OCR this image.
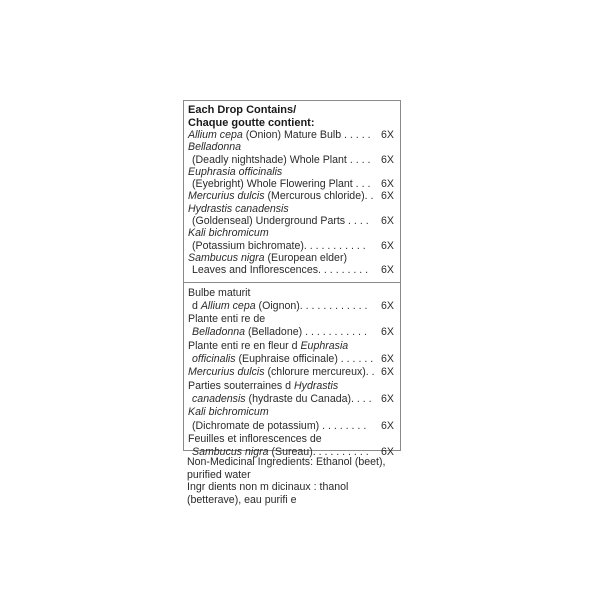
Each Drop Contains/
Chaque goutte contient:
Allium cepa (Onion) Mature Bulb . . . . . 6X
Belladonna
(Deadly nightshade) Whole Plant . . . . 6X
Euphrasia officinalis
(Eyebright) Whole Flowering Plant . . . 6X
Mercurius dulcis (Mercurous chloride). . 6X
Hydrastis canadensis
(Goldenseal) Underground Parts . . . . 6X
Kali bichromicum
(Potassium bichromate). . . . . . . . . . . 6X
Sambucus nigra (European elder)
Leaves and Inflorescences. . . . . . . . . 6X
Bulbe maturit
d Allium cepa (Oignon). . . . . . . . . . . . 6X
Plante enti re de
Belladonna (Belladone) . . . . . . . . . . . 6X
Plante enti re en fleur d Euphrasia
officinalis (Euphraise officinale) . . . . . . 6X
Mercurius dulcis (chlorure mercureux). . 6X
Parties souterraines d Hydrastis
canadensis (hydraste du Canada). . . . 6X
Kali bichromicum
(Dichromate de potassium) . . . . . . . . 6X
Feuilles et inflorescences de
Sambucus nigra (Sureau). . . . . . . . . . 6X
Non-Medicinal Ingredients: Ethanol (beet),
purified water
Ingr dients non m dicinaux : thanol
(betterave), eau purifi e
